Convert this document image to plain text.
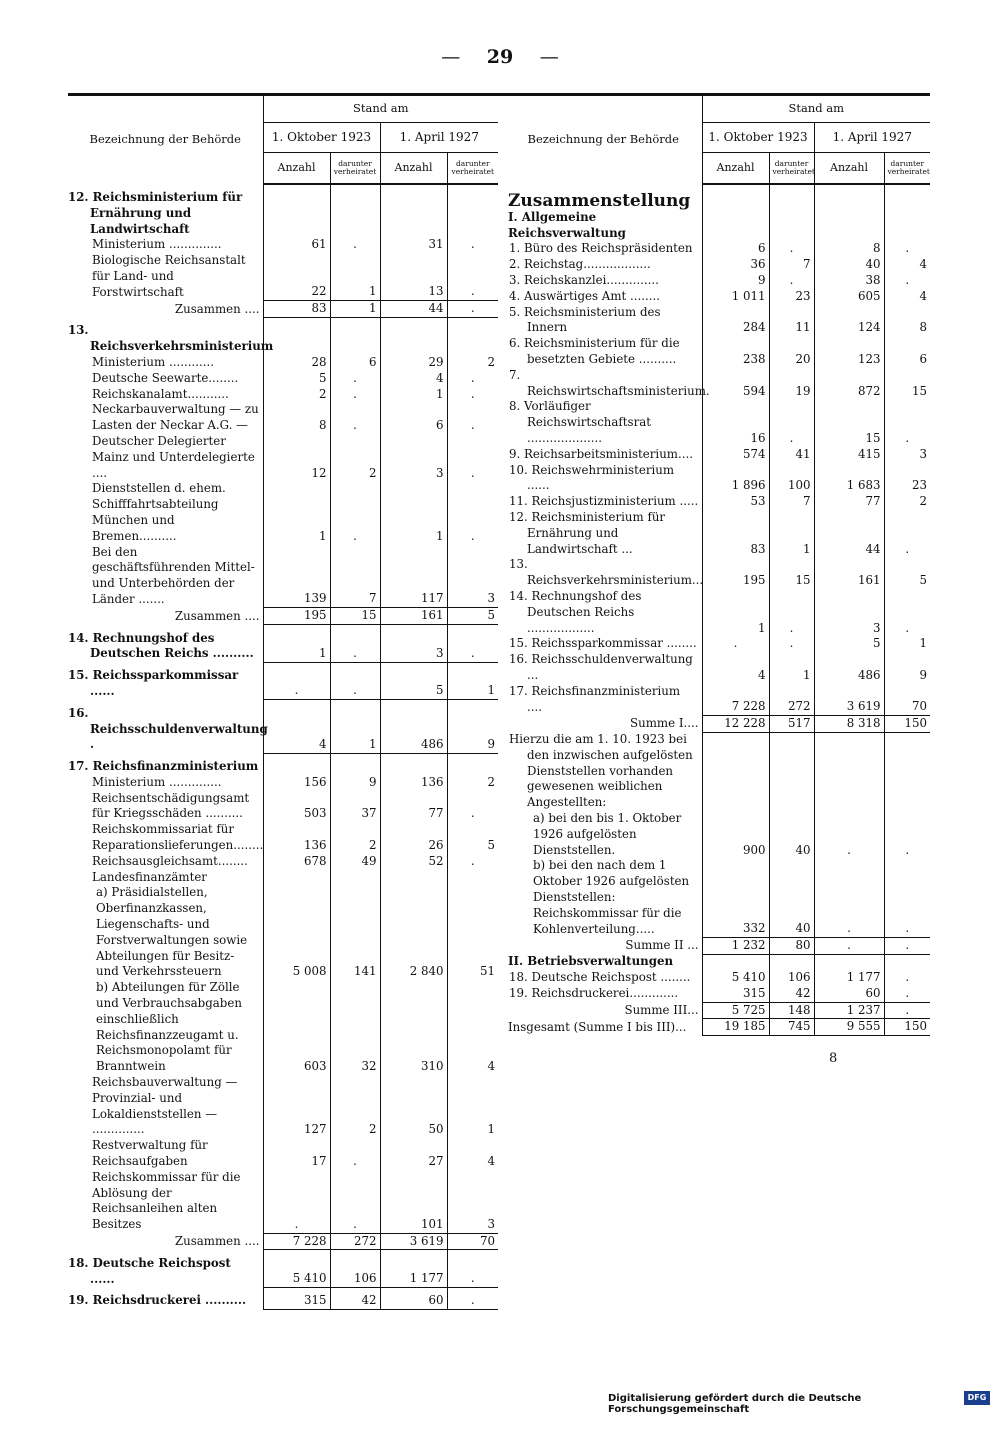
— 29 —
Bezeichnung der Behörde	Stand am			
	1. Oktober 1923		1. April 1927	
	Anzahl	darunter verheiratet	Anzahl	darunter verheiratet
12. Reichsministerium für Ernährung und Landwirtschaft				
Ministerium ..............	61	.	31	.
Biologische Reichsanstalt für Land- und Forstwirtschaft	22	1	13	.
Zusammen ....	83	1	44	.
13. Reichsverkehrsministerium				
Ministerium ............	28	6	29	2
Deutsche Seewarte........	5	.	4	.
Reichskanalamt...........	2	.	1	.
Neckarbauverwaltung — zu Lasten der Neckar A.G. —	8	.	6	.
Deutscher Delegierter Mainz und Unterdelegierte ....	12	2	3	.
Dienststellen d. ehem. Schifffahrtsabteilung München und Bremen..........	1	.	1	.
Bei den geschäftsführenden Mittel- und Unterbehörden der Länder .......	139	7	117	3
Zusammen ....	195	15	161	5
14. Rechnungshof des Deutschen Reichs ..........	1	.	3	.
15. Reichssparkommissar ......	.	.	5	1
16. Reichsschuldenverwaltung .	4	1	486	9
17. Reichsfinanzministerium				
Ministerium ..............	156	9	136	2
Reichsentschädigungsamt für Kriegsschäden ..........	503	37	77	.
Reichskommissariat für Reparationslieferungen........	136	2	26	5
Reichsausgleichsamt........	678	49	52	.
Landesfinanzämter				
a) Präsidialstellen, Oberfinanzkassen, Liegenschafts- und Forstverwaltungen sowie Abteilungen für Besitz- und Verkehrssteuern	5 008	141	2 840	51
b) Abteilungen für Zölle und Verbrauchsabgaben einschließlich Reichsfinanzzeugamt u. Reichsmonopolamt für Branntwein	603	32	310	4
Reichsbauverwaltung — Provinzial- und Lokaldienststellen — ..............	127	2	50	1
Restverwaltung für Reichsaufgaben	17	.	27	4
Reichskommissar für die Ablösung der Reichsanleihen alten Besitzes	.	.	101	3
Zusammen ....	7 228	272	3 619	70
18. Deutsche Reichspost ......	5 410	106	1 177	.
19. Reichsdruckerei ..........	315	42	60	.
Bezeichnung der Behörde	Stand am			
	1. Oktober 1923		1. April 1927	
	Anzahl	darunter verheiratet	Anzahl	darunter verheiratet
Zusammenstellung				
I. Allgemeine Reichsverwaltung				
1. Büro des Reichspräsidenten	6	.	8	.
2. Reichstag..................	36	7	40	4
3. Reichskanzlei..............	9	.	38	.
4. Auswärtiges Amt ........	1 011	23	605	4
5. Reichsministerium des Innern	284	11	124	8
6. Reichsministerium für die besetzten Gebiete ..........	238	20	123	6
7. Reichswirtschaftsministerium.	594	19	872	15
8. Vorläufiger Reichswirtschaftsrat ....................	16	.	15	.
9. Reichsarbeitsministerium....	574	41	415	3
10. Reichswehrministerium ......	1 896	100	1 683	23
11. Reichsjustizministerium .....	53	7	77	2
12. Reichsministerium für Ernährung und Landwirtschaft ...	83	1	44	.
13. Reichsverkehrsministerium...	195	15	161	5
14. Rechnungshof des Deutschen Reichs ..................	1	.	3	.
15. Reichssparkommissar ........	.	.	5	1
16. Reichsschuldenverwaltung ...	4	1	486	9
17. Reichsfinanzministerium ....	7 228	272	3 619	70
Summe I....	12 228	517	8 318	150
Hierzu die am 1. 10. 1923 bei den inzwischen aufgelösten Dienststellen vorhanden gewesenen weiblichen Angestellten:				
a) bei den bis 1. Oktober 1926 aufgelösten Dienststellen.	900	40	.	.
b) bei den nach dem 1 Oktober 1926 aufgelösten Dienststellen: Reichskommissar für die Kohlenverteilung.....	332	40	.	.
Summe II ...	1 232	80	.	.
II. Betriebsverwaltungen				
18. Deutsche Reichspost ........	5 410	106	1 177	.
19. Reichsdruckerei.............	315	42	60	.
Summe III...	5 725	148	1 237	.
Insgesamt (Summe I bis III)...	19 185	745	9 555	150
8
Digitalisierung gefördert durch die Deutsche Forschungsgemeinschaft
DFG
